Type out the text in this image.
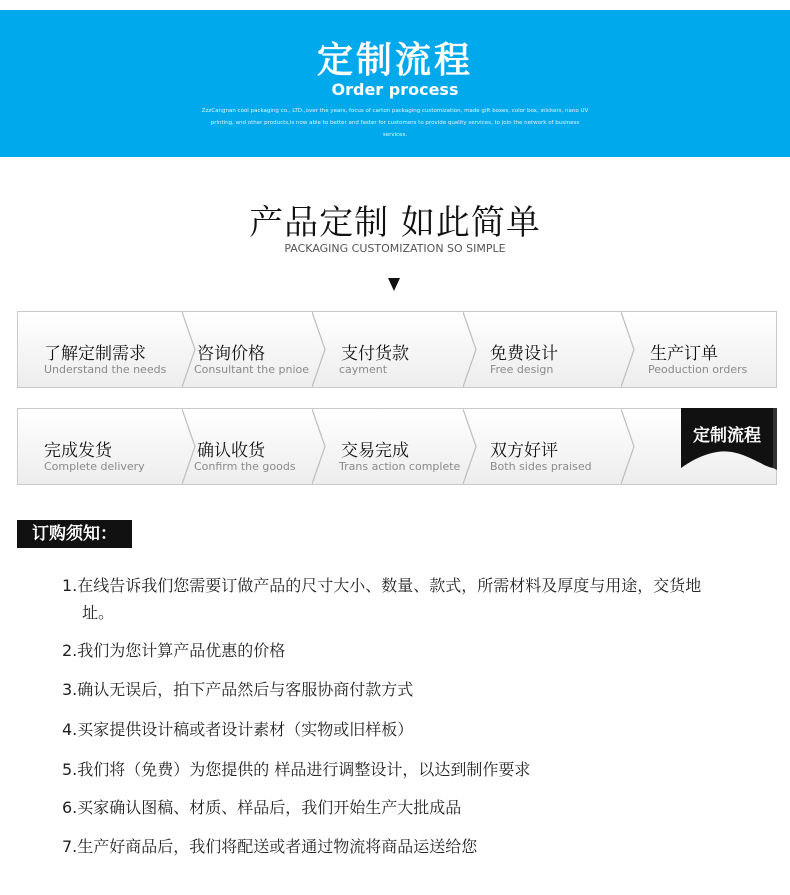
定制流程
Order process
ZzzCangnan cool packaging co., LTD.,over the years, focus of carton packaging customization, made gift boxes, color box, stickers, nano UV printing, and other products,is now able to better and faster for customers to provide quality services, to join the network of business services.
产品定制 如此简单
PACKAGING CUSTOMIZATION SO SIMPLE
了解定制需求
Understand the needs
咨询价格
Consultant the pnioe
支付货款
cayment
免费设计
Free design
生产订单
Peoduction orders
完成发货
Complete delivery
确认收货
Confirm the goods
交易完成
Trans action complete
双方好评
Both sides praised
定制流程
订购须知：
1.在线告诉我们您需要订做产品的尺寸大小、数量、款式，所需材料及厚度与用途，交货地址。
2.我们为您计算产品优惠的价格
3.确认无误后，拍下产品然后与客服协商付款方式
4.买家提供设计稿或者设计素材（实物或旧样板）
5.我们将（免费）为您提供的 样品进行调整设计，以达到制作要求
6.买家确认图稿、材质、样品后，我们开始生产大批成品
7.生产好商品后，我们将配送或者通过物流将商品运送给您
